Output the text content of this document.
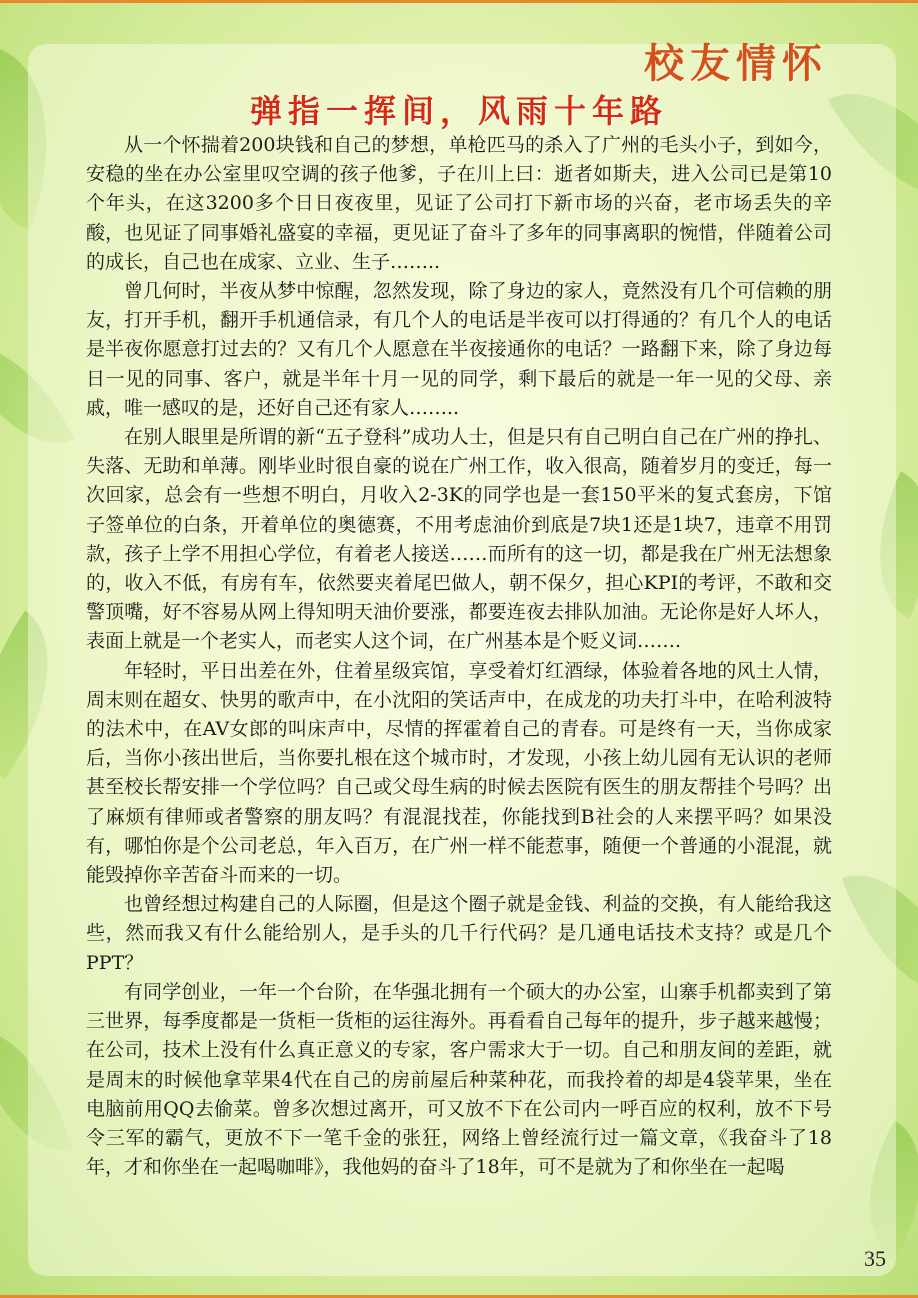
校友情怀
弹指一挥间，风雨十年路

从一个怀揣着200块钱和自己的梦想，单枪匹马的杀入了广州的毛头小子，到如今，安稳的坐在办公室里叹空调的孩子他爹，子在川上曰：逝者如斯夫，进入公司已是第10个年头，在这3200多个日日夜夜里，见证了公司打下新市场的兴奋，老市场丢失的辛酸，也见证了同事婚礼盛宴的幸福，更见证了奋斗了多年的同事离职的惋惜，伴随着公司的成长，自己也在成家、立业、生子……..

曾几何时，半夜从梦中惊醒，忽然发现，除了身边的家人，竟然没有几个可信赖的朋友，打开手机，翻开手机通信录，有几个人的电话是半夜可以打得通的？有几个人的电话是半夜你愿意打过去的？又有几个人愿意在半夜接通你的电话？一路翻下来，除了身边每日一见的同事、客户，就是半年十月一见的同学，剩下最后的就是一年一见的父母、亲戚，唯一感叹的是，还好自己还有家人……..

在别人眼里是所谓的新“五子登科”成功人士，但是只有自己明白自己在广州的挣扎、失落、无助和单薄。刚毕业时很自豪的说在广州工作，收入很高，随着岁月的变迁，每一次回家，总会有一些想不明白，月收入2-3K的同学也是一套150平米的复式套房，下馆子签单位的白条，开着单位的奥德赛，不用考虑油价到底是7块1还是1块7，违章不用罚款，孩子上学不用担心学位，有着老人接送……而所有的这一切，都是我在广州无法想象的，收入不低，有房有车，依然要夹着尾巴做人，朝不保夕，担心KPI的考评，不敢和交警顶嘴，好不容易从网上得知明天油价要涨，都要连夜去排队加油。无论你是好人坏人，表面上就是一个老实人，而老实人这个词，在广州基本是个贬义词…….

年轻时，平日出差在外，住着星级宾馆，享受着灯红酒绿，体验着各地的风土人情，周末则在超女、快男的歌声中，在小沈阳的笑话声中，在成龙的功夫打斗中，在哈利波特的法术中，在AV女郎的叫床声中，尽情的挥霍着自己的青春。可是终有一天，当你成家后，当你小孩出世后，当你要扎根在这个城市时，才发现，小孩上幼儿园有无认识的老师甚至校长帮安排一个学位吗？自己或父母生病的时候去医院有医生的朋友帮挂个号吗？出了麻烦有律师或者警察的朋友吗？有混混找茬，你能找到B社会的人来摆平吗？如果没有，哪怕你是个公司老总，年入百万，在广州一样不能惹事，随便一个普通的小混混，就能毁掉你辛苦奋斗而来的一切。

也曾经想过构建自己的人际圈，但是这个圈子就是金钱、利益的交换，有人能给我这些，然而我又有什么能给别人，是手头的几千行代码？是几通电话技术支持？或是几个PPT？

有同学创业，一年一个台阶，在华强北拥有一个硕大的办公室，山寨手机都卖到了第三世界，每季度都是一货柜一货柜的运往海外。再看看自己每年的提升，步子越来越慢；在公司，技术上没有什么真正意义的专家，客户需求大于一切。自己和朋友间的差距，就是周末的时候他拿苹果4代在自己的房前屋后种菜种花，而我拎着的却是4袋苹果，坐在电脑前用QQ去偷菜。曾多次想过离开，可又放不下在公司内一呼百应的权利，放不下号令三军的霸气，更放不下一笔千金的张狂，网络上曾经流行过一篇文章，《我奋斗了18年，才和你坐在一起喝咖啡》，我他妈的奋斗了18年，可不是就为了和你坐在一起喝

35
